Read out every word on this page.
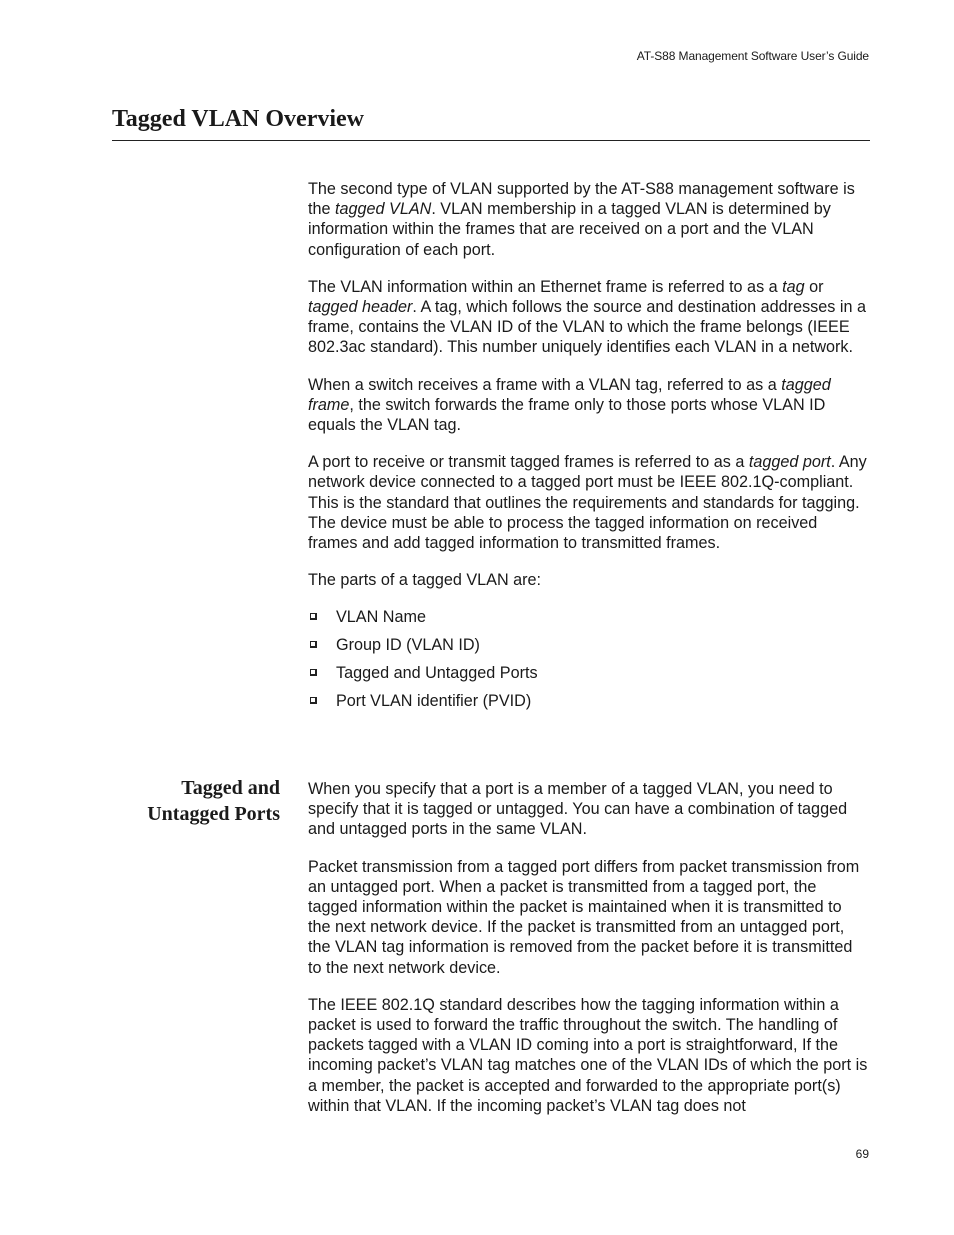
AT-S88 Management Software User’s Guide
Tagged VLAN Overview

The second type of VLAN supported by the AT-S88 management software is the tagged VLAN. VLAN membership in a tagged VLAN is determined by information within the frames that are received on a port and the VLAN configuration of each port.

The VLAN information within an Ethernet frame is referred to as a tag or tagged header. A tag, which follows the source and destination addresses in a frame, contains the VLAN ID of the VLAN to which the frame belongs (IEEE 802.3ac standard). This number uniquely identifies each VLAN in a network.

When a switch receives a frame with a VLAN tag, referred to as a tagged frame, the switch forwards the frame only to those ports whose VLAN ID equals the VLAN tag.

A port to receive or transmit tagged frames is referred to as a tagged port. Any network device connected to a tagged port must be IEEE 802.1Q-compliant. This is the standard that outlines the requirements and standards for tagging. The device must be able to process the tagged information on received frames and add tagged information to transmitted frames.

The parts of a tagged VLAN are:

VLAN Name
Group ID (VLAN ID)
Tagged and Untagged Ports
Port VLAN identifier (PVID)
Tagged and
Untagged Ports

When you specify that a port is a member of a tagged VLAN, you need to specify that it is tagged or untagged. You can have a combination of tagged and untagged ports in the same VLAN.

Packet transmission from a tagged port differs from packet transmission from an untagged port. When a packet is transmitted from a tagged port, the tagged information within the packet is maintained when it is transmitted to the next network device. If the packet is transmitted from an untagged port, the VLAN tag information is removed from the packet before it is transmitted to the next network device.

The IEEE 802.1Q standard describes how the tagging information within a packet is used to forward the traffic throughout the switch. The handling of packets tagged with a VLAN ID coming into a port is straightforward, If the incoming packet’s VLAN tag matches one of the VLAN IDs of which the port is a member, the packet is accepted and forwarded to the appropriate port(s) within that VLAN. If the incoming packet’s VLAN tag does not

69
